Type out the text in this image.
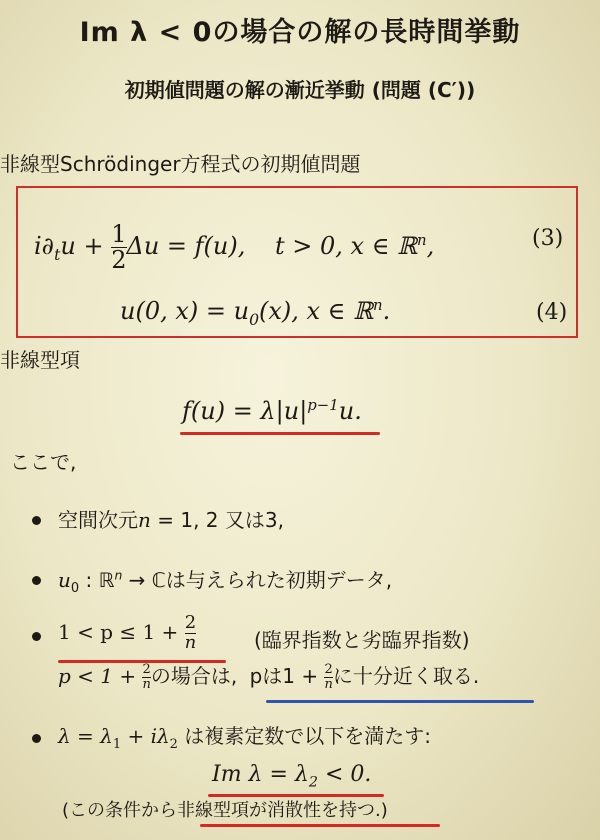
Im λ < 0の場合の解の長時間挙動
初期値問題の解の漸近挙動 (問題 (C′))
非線型Schrödinger方程式の初期値問題
$i\partial_tu + \frac{1}{2}$ Δu = f(u), t > 0, x ∈ ℝ$^n$,	(3)
u(0, $x) = u_0(x)$, x ∈ ℝ$^n$.	(4)
非線型項
$f(u) = \lambda|u|^{p-1}u$.
ここで,
空間次元n = 1, 2 又は3,
$u_0$ : ℝ$^n$ → ℂは与えられた初期データ,
$1 < p \le 1 + \frac{2}{n}$	(臨界指数と劣臨界指数)
$p < 1 + \frac{2}{n}$ の場合は, pは$1 + \frac{2}{n}$ に十分近く取る.
$\lambda = \lambda_1 + i\lambda_2$ は複素定数で以下を満たす:
Im $\lambda = \lambda_2 < 0$.
(この条件から非線型項が消散性を持つ.)
